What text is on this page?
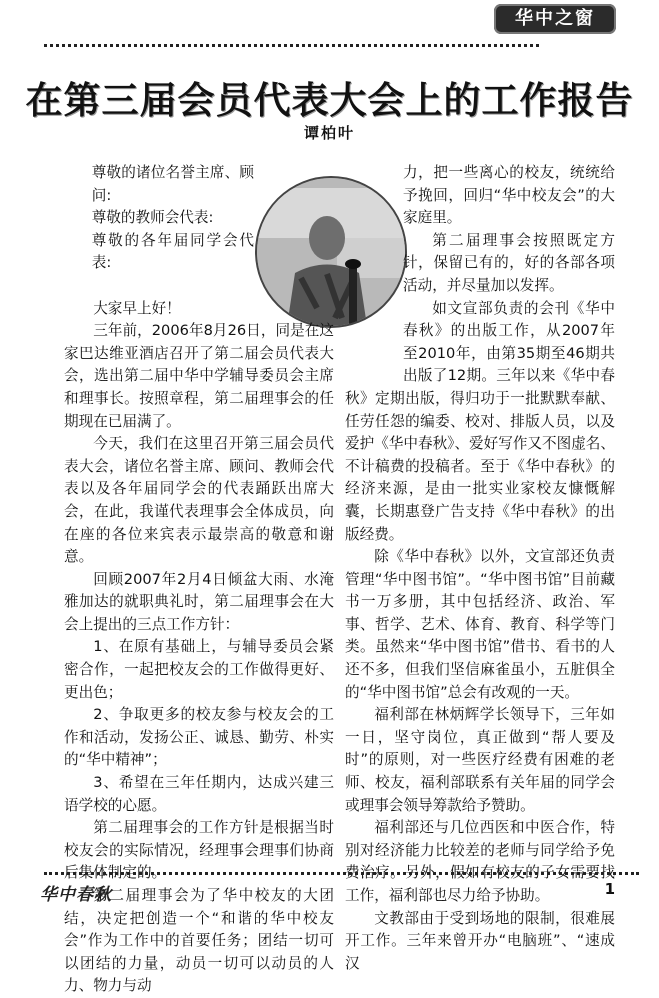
华中之窗
在第三届会员代表大会上的工作报告
谭柏叶

尊敬的诸位名誉主席、顾问:

尊敬的教师会代表:

尊敬的各年届同学会代表:

大家早上好！

三年前，2006年8月26日，同是在这家巴达维亚酒店召开了第二届会员代表大会，选出第二届中华中学辅导委员会主席和理事长。按照章程，第二届理事会的任期现在已届满了。

今天，我们在这里召开第三届会员代表大会，诸位名誉主席、顾问、教师会代表以及各年届同学会的代表踊跃出席大会，在此，我谨代表理事会全体成员，向在座的各位来宾表示最崇高的敬意和谢意。

回顾2007年2月4日倾盆大雨、水淹雅加达的就职典礼时，第二届理事会在大会上提出的三点工作方针：

1、在原有基础上，与辅导委员会紧密合作，一起把校友会的工作做得更好、更出色；

2、争取更多的校友参与校友会的工作和活动，发扬公正、诚恳、勤劳、朴实的“华中精神”；

3、希望在三年任期内，达成兴建三语学校的心愿。

第二届理事会的工作方针是根据当时校友会的实际情况，经理事会理事们协商后集体制定的。

第二届理事会为了华中校友的大团结，决定把创造一个“和谐的华中校友会”作为工作中的首要任务；团结一切可以团结的力量，动员一切可以动员的人力、物力与动

力，把一些离心的校友，统统给予挽回，回归“华中校友会”的大家庭里。

第二届理事会按照既定方针，保留已有的，好的各部各项活动，并尽量加以发挥。

如文宣部负责的会刊《华中春秋》的出版工作，从2007年至2010年，由第35期至46期共出版了12期。三年以来《华中春秋》定期出版，得归功于一批默默奉献、任劳任怨的编委、校对、排版人员，以及爱护《华中春秋》、爱好写作又不图虚名、不计稿费的投稿者。至于《华中春秋》的经济来源，是由一批实业家校友慷慨解囊，长期惠登广告支持《华中春秋》的出版经费。

除《华中春秋》以外，文宣部还负责管理“华中图书馆”。“华中图书馆”目前藏书一万多册，其中包括经济、政治、军事、哲学、艺术、体育、教育、科学等门类。虽然来“华中图书馆”借书、看书的人还不多，但我们坚信麻雀虽小，五脏俱全的“华中图书馆”总会有改观的一天。

福利部在林炳辉学长领导下，三年如一日，坚守岗位，真正做到“帮人要及时”的原则，对一些医疗经费有困难的老师、校友，福利部联系有关年届的同学会或理事会领导筹款给予赞助。

福利部还与几位西医和中医合作，特别对经济能力比较差的老师与同学给予免费治疗。另外，假如有校友的子女需要找工作，福利部也尽力给予协助。

文教部由于受到场地的限制，很难展开工作。三年来曾开办“电脑班”、“速成汉

华中春秋	1
